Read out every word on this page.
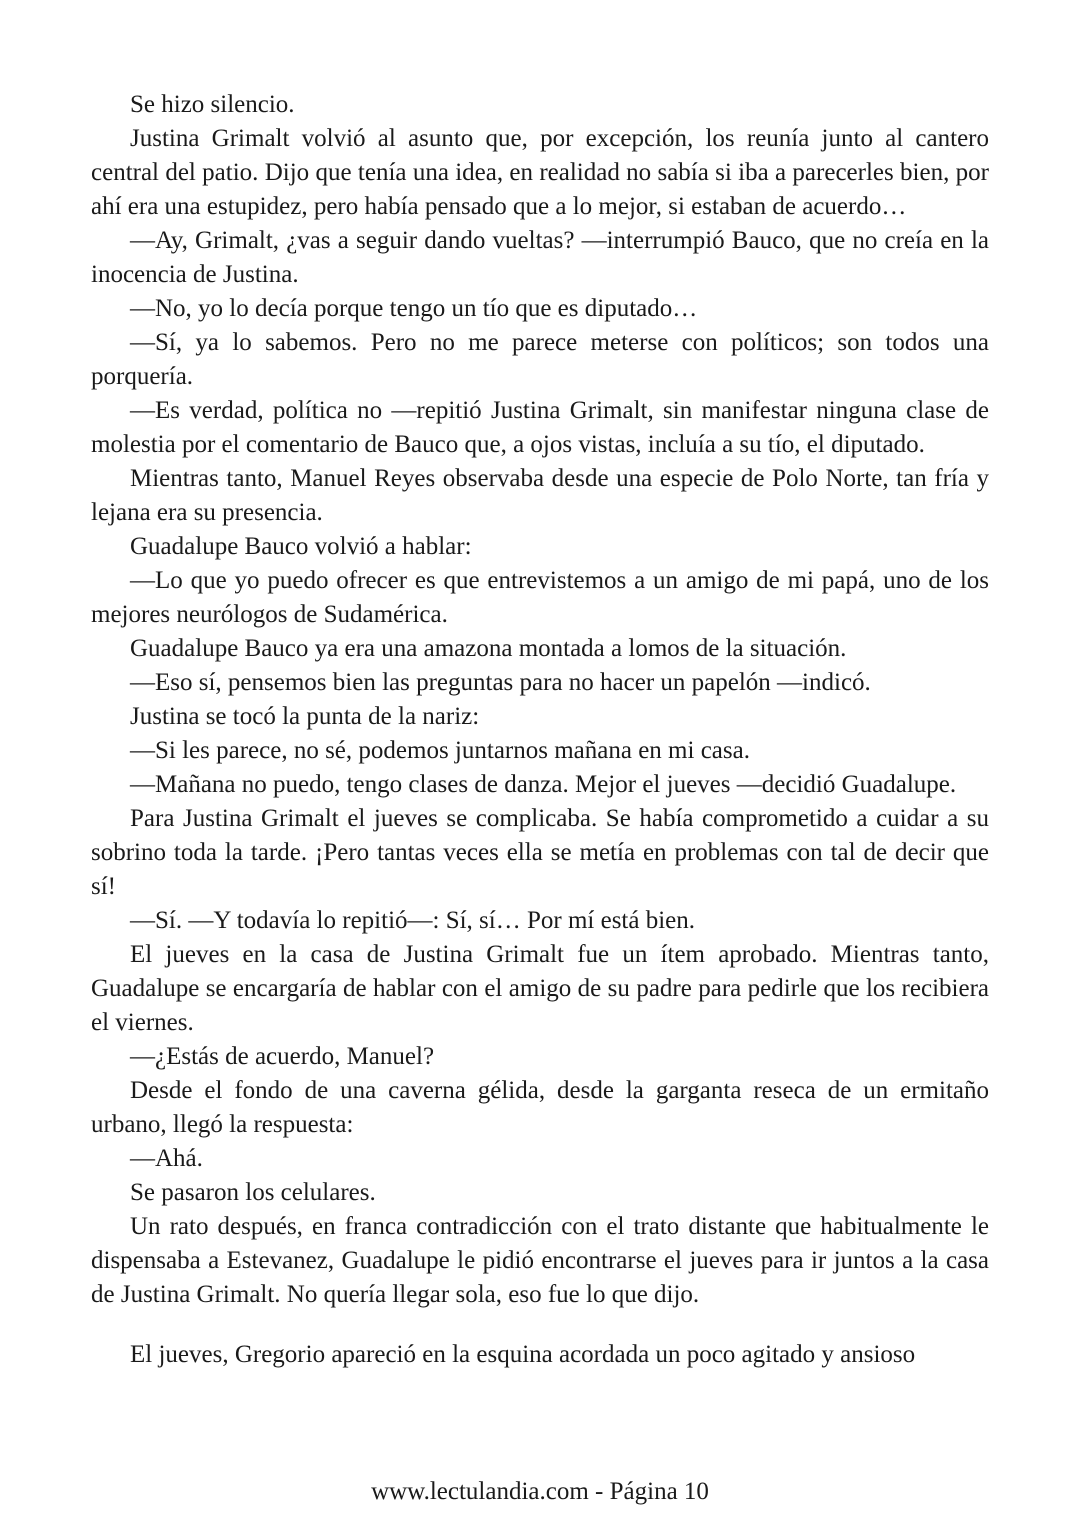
Se hizo silencio.

Justina Grimalt volvió al asunto que, por excepción, los reunía junto al cantero central del patio. Dijo que tenía una idea, en realidad no sabía si iba a parecerles bien, por ahí era una estupidez, pero había pensado que a lo mejor, si estaban de acuerdo…

—Ay, Grimalt, ¿vas a seguir dando vueltas? —interrumpió Bauco, que no creía en la inocencia de Justina.

—No, yo lo decía porque tengo un tío que es diputado…

—Sí, ya lo sabemos. Pero no me parece meterse con políticos; son todos una porquería.

—Es verdad, política no —repitió Justina Grimalt, sin manifestar ninguna clase de molestia por el comentario de Bauco que, a ojos vistas, incluía a su tío, el diputado.

Mientras tanto, Manuel Reyes observaba desde una especie de Polo Norte, tan fría y lejana era su presencia.

Guadalupe Bauco volvió a hablar:

—Lo que yo puedo ofrecer es que entrevistemos a un amigo de mi papá, uno de los mejores neurólogos de Sudamérica.

Guadalupe Bauco ya era una amazona montada a lomos de la situación.

—Eso sí, pensemos bien las preguntas para no hacer un papelón —indicó.

Justina se tocó la punta de la nariz:

—Si les parece, no sé, podemos juntarnos mañana en mi casa.

—Mañana no puedo, tengo clases de danza. Mejor el jueves —decidió Guadalupe.

Para Justina Grimalt el jueves se complicaba. Se había comprometido a cuidar a su sobrino toda la tarde. ¡Pero tantas veces ella se metía en problemas con tal de decir que sí!

—Sí. —Y todavía lo repitió—: Sí, sí… Por mí está bien.

El jueves en la casa de Justina Grimalt fue un ítem aprobado. Mientras tanto, Guadalupe se encargaría de hablar con el amigo de su padre para pedirle que los recibiera el viernes.

—¿Estás de acuerdo, Manuel?

Desde el fondo de una caverna gélida, desde la garganta reseca de un ermitaño urbano, llegó la respuesta:

—Ahá.

Se pasaron los celulares.

Un rato después, en franca contradicción con el trato distante que habitualmente le dispensaba a Estevanez, Guadalupe le pidió encontrarse el jueves para ir juntos a la casa de Justina Grimalt. No quería llegar sola, eso fue lo que dijo.

El jueves, Gregorio apareció en la esquina acordada un poco agitado y ansioso

www.lectulandia.com - Página 10
